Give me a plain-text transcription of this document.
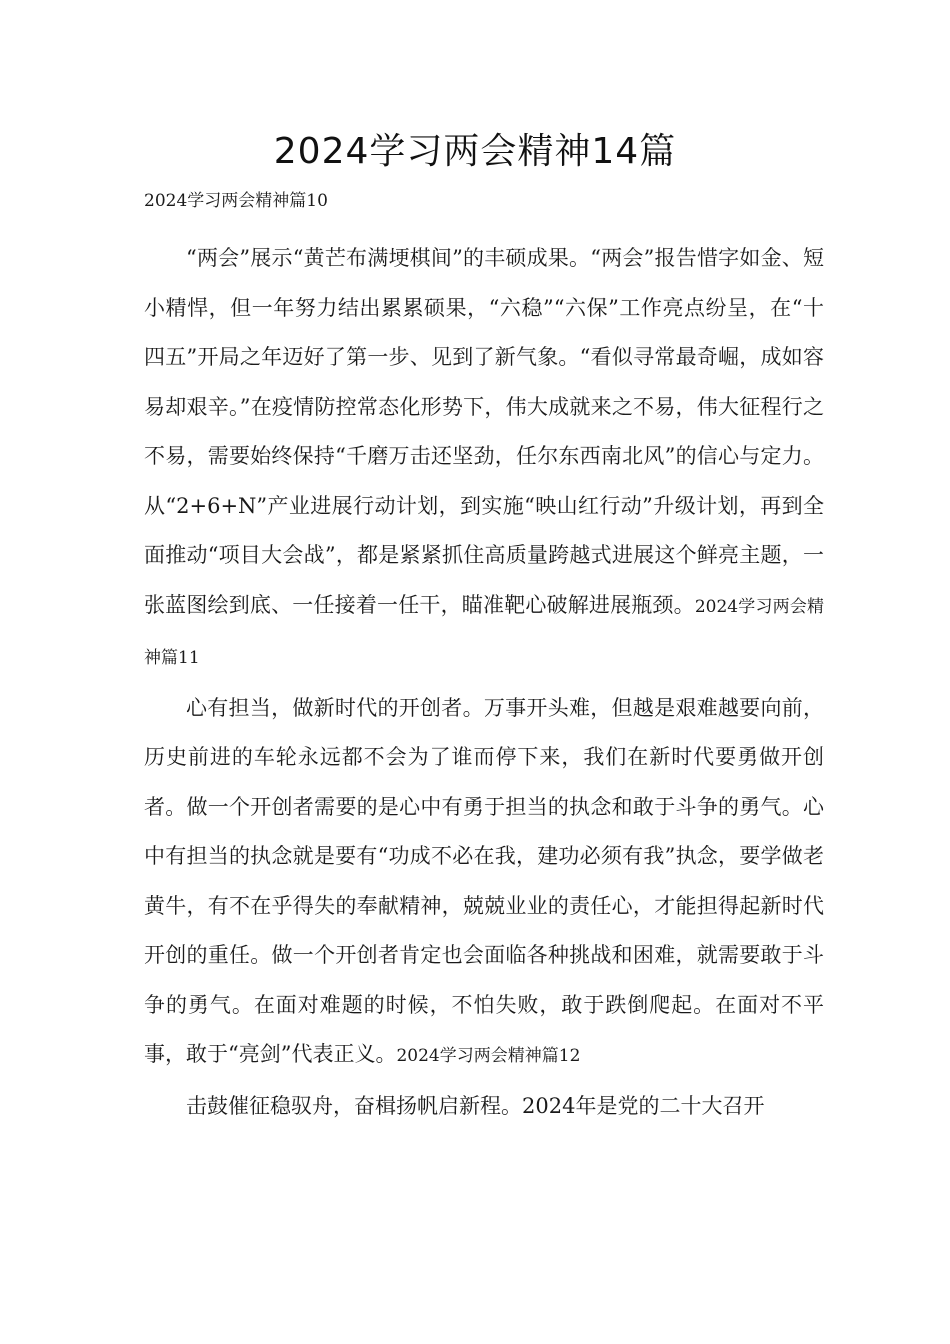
2024学习两会精神14篇
2024学习两会精神篇10

“两会”展示“黄芒布满埂棋间”的丰硕成果。“两会”报告惜字如金、短小精悍，但一年努力结出累累硕果，“六稳”“六保”工作亮点纷呈，在“十四五”开局之年迈好了第一步、见到了新气象。“看似寻常最奇崛，成如容易却艰辛。”在疫情防控常态化形势下，伟大成就来之不易，伟大征程行之不易，需要始终保持“千磨万击还坚劲，任尔东西南北风”的信心与定力。从“2+6+N”产业进展行动计划，到实施“映山红行动”升级计划，再到全面推动“项目大会战”，都是紧紧抓住高质量跨越式进展这个鲜亮主题，一张蓝图绘到底、一任接着一任干，瞄准靶心破解进展瓶颈。2024学习两会精神篇11

心有担当，做新时代的开创者。万事开头难，但越是艰难越要向前，历史前进的车轮永远都不会为了谁而停下来，我们在新时代要勇做开创者。做一个开创者需要的是心中有勇于担当的执念和敢于斗争的勇气。心中有担当的执念就是要有“功成不必在我，建功必须有我”执念，要学做老黄牛，有不在乎得失的奉献精神，兢兢业业的责任心，才能担得起新时代开创的重任。做一个开创者肯定也会面临各种挑战和困难，就需要敢于斗争的勇气。在面对难题的时候，不怕失败，敢于跌倒爬起。在面对不平事，敢于“亮剑”代表正义。2024学习两会精神篇12

击鼓催征稳驭舟，奋楫扬帆启新程。2024年是党的二十大召开
